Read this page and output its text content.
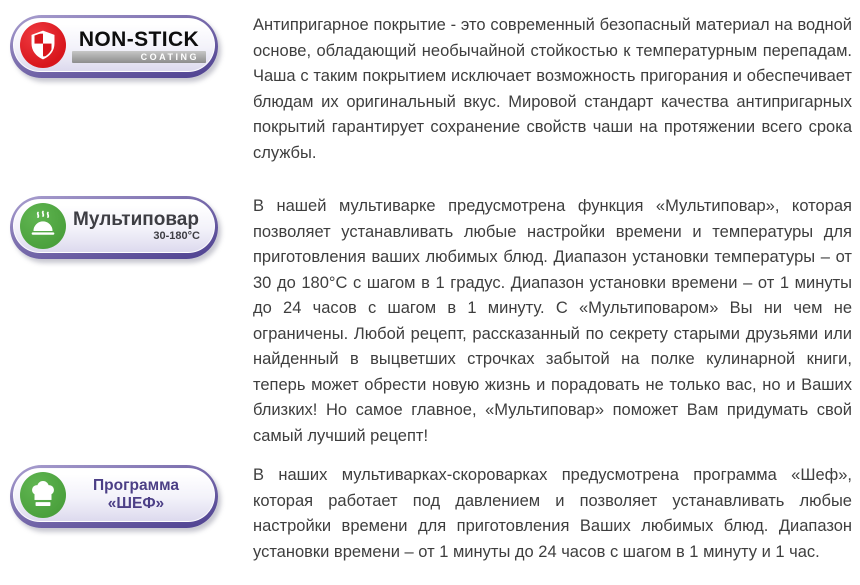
NON-STICK
COATING

Антипригарное покрытие - это современный безопасный материал на водной основе, обладающий необычайной стойкостью к температурным перепадам. Чаша с таким покрытием исключает возможность пригорания и обеспечивает блюдам их оригинальный вкус. Мировой стандарт качества антипригарных покрытий гарантирует сохранение свойств чаши на протяжении всего срока службы.

Мультиповар
30-180°C

В нашей мультиварке предусмотрена функция «Мультиповар», которая позволяет устанавливать любые настройки времени и температуры для приготовления ваших любимых блюд. Диапазон установки температуры – от 30 до 180°C с шагом в 1 градус. Диапазон установки времени – от 1 минуты до 24 часов с шагом в 1 минуту. С «Мультиповаром» Вы ни чем не ограничены. Любой рецепт, рассказанный по секрету старыми друзьями или найденный в выцветших строчках забытой на полке кулинарной книги, теперь может обрести новую жизнь и порадовать не только вас, но и Ваших близких! Но самое главное, «Мультиповар» поможет Вам придумать свой самый лучший рецепт!

Программа «ШЕФ»

В наших мультиварках-скороварках предусмотрена программа «Шеф», которая работает под давлением и позволяет устанавливать любые настройки времени для приготовления Ваших любимых блюд. Диапазон установки времени – от 1 минуты до 24 часов с шагом в 1 минуту и 1 час.
